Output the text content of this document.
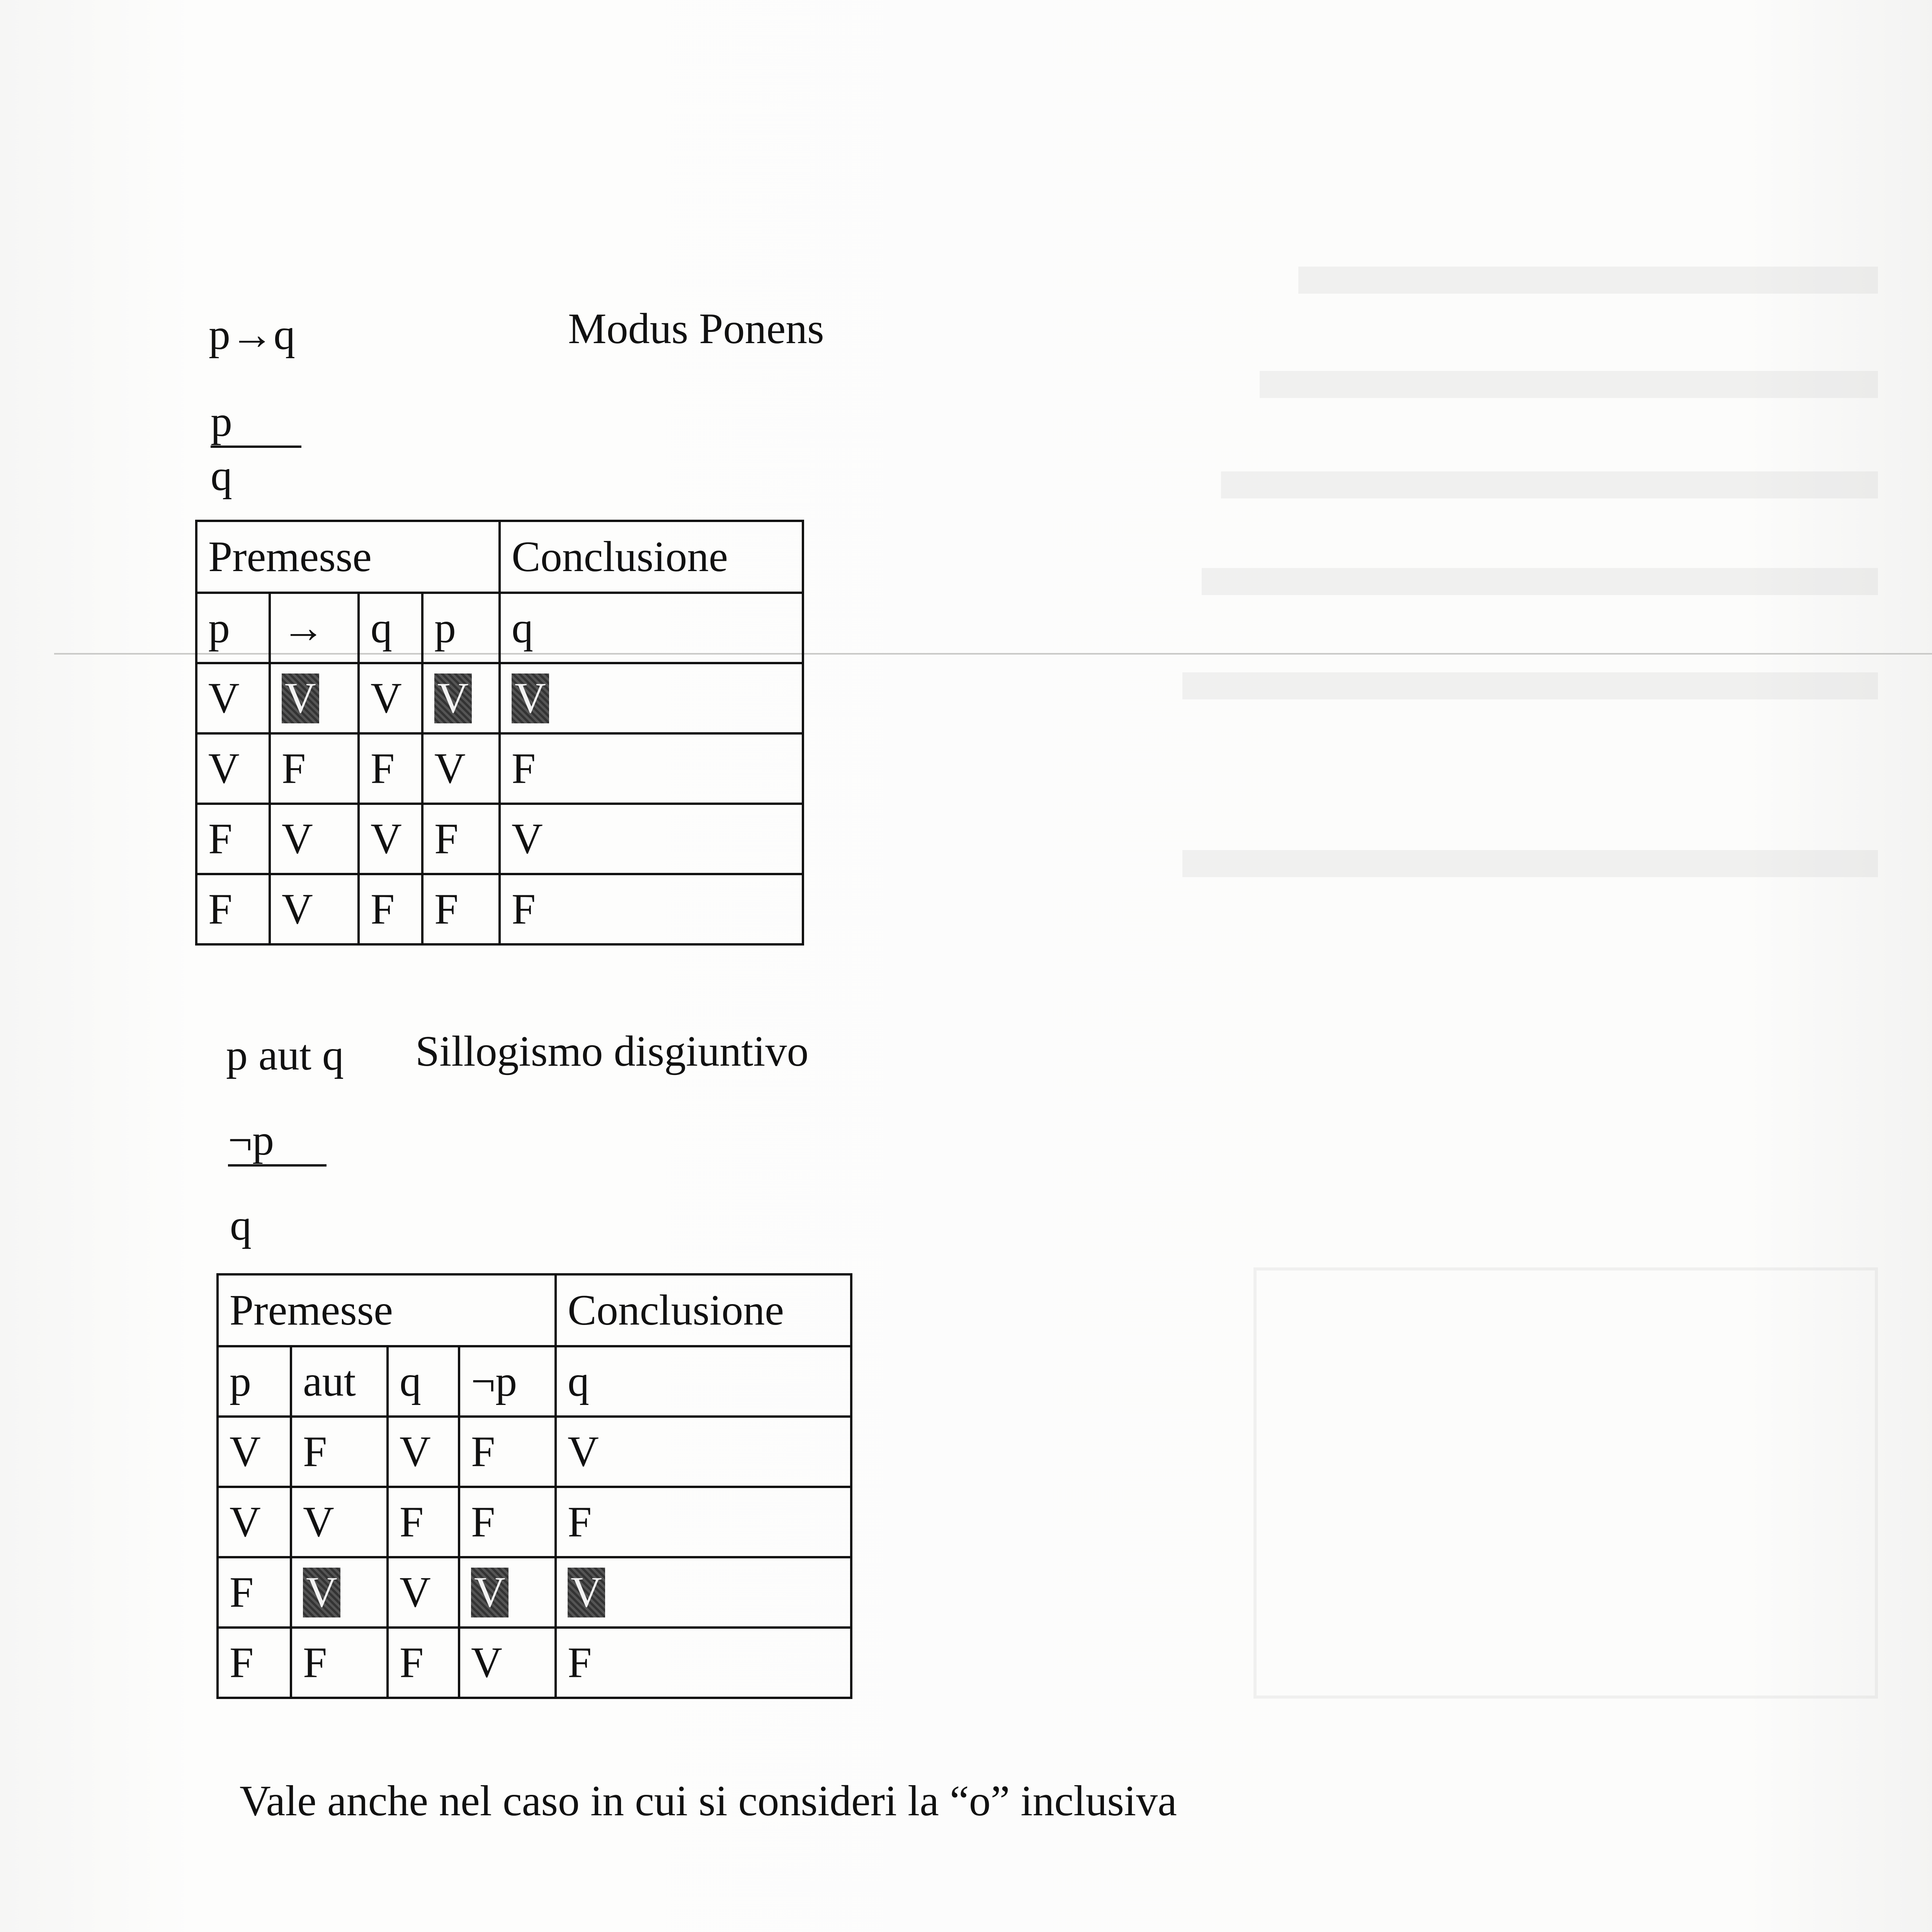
p→q	Modus Ponens
p
q
Premesse				Conclusione
p	→	q	p	q
V	V	V	V	V
V	F	F	V	F
F	V	V	F	V
F	V	F	F	F
p aut q Sillogismo disgiuntivo
¬p
q
Premesse				Conclusione
p	aut	q	¬p	q
V	F	V	F	V
V	V	F	F	F
F	V	V	V	V
F	F	F	V	F
Vale anche nel caso in cui si consideri la “o” inclusiva
